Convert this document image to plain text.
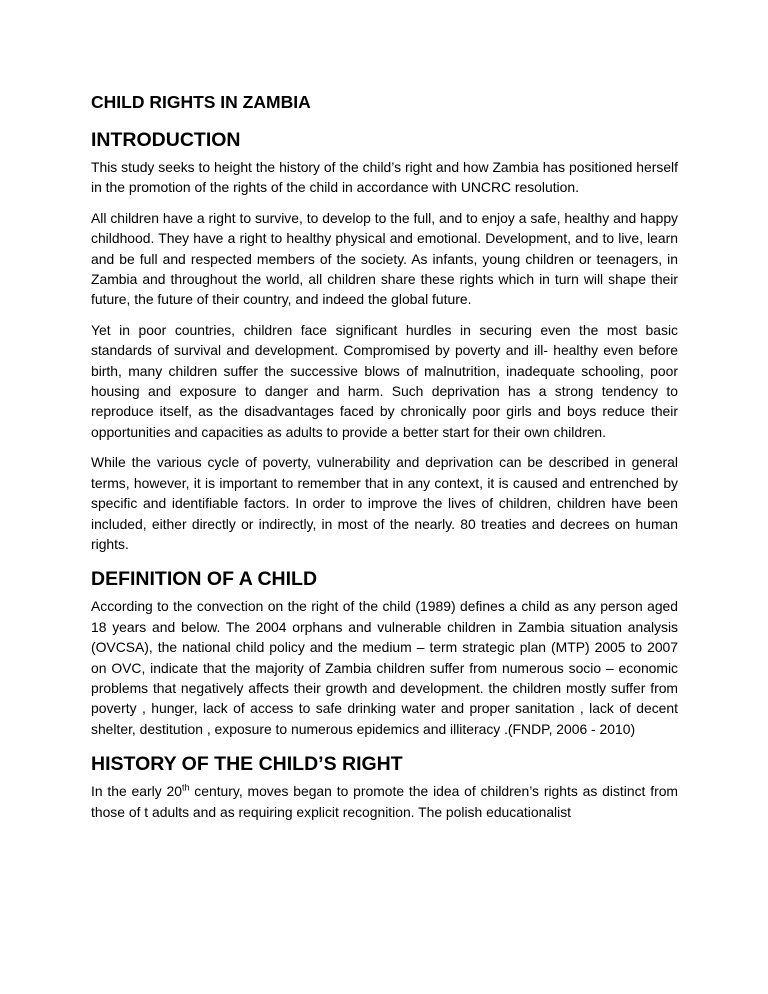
CHILD RIGHTS IN ZAMBIA
INTRODUCTION

This study seeks to height the history of the child’s right and how Zambia has positioned herself in the promotion of the rights of the child in accordance with UNCRC resolution.

All children have a right to survive, to develop to the full, and to enjoy a safe, healthy and happy childhood. They have a right to healthy physical and emotional. Development, and to live, learn and be full and respected members of the society. As infants, young children or teenagers, in Zambia and throughout the world, all children share these rights which in turn will shape their future, the future of their country, and indeed the global future.

Yet in poor countries, children face significant hurdles in securing even the most basic standards of survival and development. Compromised by poverty and ill- healthy even before birth, many children suffer the successive blows of malnutrition, inadequate schooling, poor housing and exposure to danger and harm. Such deprivation has a strong tendency to reproduce itself, as the disadvantages faced by chronically poor girls and boys reduce their opportunities and capacities as adults to provide a better start for their own children.

While the various cycle of poverty, vulnerability and deprivation can be described in general terms, however, it is important to remember that in any context, it is caused and entrenched by specific and identifiable factors. In order to improve the lives of children, children have been included, either directly or indirectly, in most of the nearly. 80 treaties and decrees on human rights.

DEFINITION OF A CHILD

According to the convection on the right of the child (1989) defines a child as any person aged 18 years and below. The 2004 orphans and vulnerable children in Zambia situation analysis (OVCSA), the national child policy and the medium – term strategic plan (MTP) 2005 to 2007 on OVC, indicate that the majority of Zambia children suffer from numerous socio – economic problems that negatively affects their growth and development. the children mostly suffer from poverty , hunger, lack of access to safe drinking water and proper sanitation , lack of decent shelter, destitution , exposure to numerous epidemics and illiteracy .(FNDP, 2006 - 2010)

HISTORY OF THE CHILD’S RIGHT

In the early 20th century, moves began to promote the idea of children’s rights as distinct from those of t adults and as requiring explicit recognition. The polish educationalist
